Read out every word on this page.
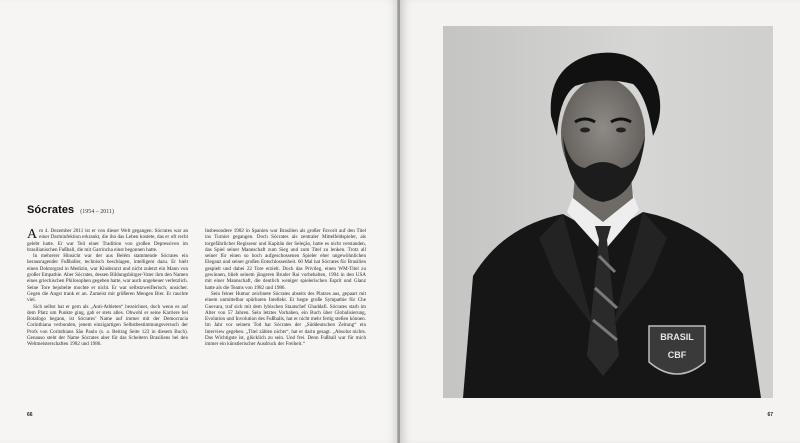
Sócrates (1954 – 2011)

Am 4. Dezember 2011 ist er von dieser Welt gegangen. Sócrates war an einer Darminfektion erkrankt, die ihn das Leben kostete, das er oft recht gelebt hatte. Er war Teil einer Tradition von großen Depressiven im brasilianischen Fußball, die mit Garrincha einst begonnen hatte.

In mehrerer Hinsicht war der aus Belém stammende Sócrates ein herausragender Fußballer, technisch beschlagen, intelligent dazu. Er hielt einen Doktorgrad in Medizin, war Kinderarzt und nicht zuletzt ein Mann von großer Empathie. Aber Sócrates, dessen Bildungsbürger-Vater ihm den Namen eines griechischen Philosophen gegeben hatte, war auch ungeheuer verletzlich. Seine Tore bejubelte mochte er nicht. Er war selbstzweiflerisch, unsicher. Gegen die Angst trank er an. Zumeist mit größeren Mengen Bier. Er rauchte viel.

Sich selbst hat er gern als „Anti-Athleten“ bezeichnet, doch wenn es auf dem Platz um Punkte ging, gab er stets alles. Obwohl er seine Karriere bei Botafogo begann, ist Sócrates’ Name auf immer mit der Democracia Corinthiana verbunden, jenem einzigartigen Selbstbestimmungsversuch der Profs von Corinthians São Paulo (s. a. Beitrag Seite 123 in diesem Buch). Genauso steht der Name Sócrates aber für das Scheitern Brasiliens bei den Weltmeisterschaften 1982 und 1986.

Insbesondere 1982 in Spanien war Brasilien als großer Favorit auf den Titel ins Turnier gegangen. Doch Sócrates als zentraler Mittelfeldspieler, als torgefährlicher Regisseur und Kapitän der Seleção, hatte es nicht verstanden, das Spiel seiner Mannschaft zum Sieg und zum Titel zu lenken. Trotz all seiner für einen so hoch aufgeschossenen Spieler eher ungewöhnlichen Eleganz und seiner großen Entschlossenheit. 60 Mal hat Sócrates für Brasilien gespielt und dabei 22 Tore erzielt. Doch das Privileg, einen WM-Titel zu gewinnen, blieb seinem jüngeren Bruder Raí vorbehalten, 1994 in den USA mit einer Mannschaft, die deutlich weniger spielerischen Esprit und Glanz hatte als die Teams von 1982 und 1986.

Sein feiner Humor zeichnete Sócrates abseits des Platzes aus, gepaart mit einem unmittelbar spürbaren Intellekt. Er hegte große Sympathie für Che Guevara, traf sich mit dem lybischen Staatschef Ghaddafi. Sócrates starb im Alter von 57 Jahren. Sein letztes Vorhaben, ein Buch über Globalisierung, Evolution und Involution des Fußballs, hat er nicht mehr fertig stellen können. Im Jahr vor seinem Tod hat Sócrates der „Süddeutschen Zeitung“ ein Interview gegeben. „Titel zählen nichts“, hat er darin gesagt. „Absolut nichts. Das Wichtigste ist, glücklich zu sein. Und frei. Denn Fußball war für mich immer ein künstlerischer Ausdruck der Freiheit.“

66
BRASIL
CBF
67
